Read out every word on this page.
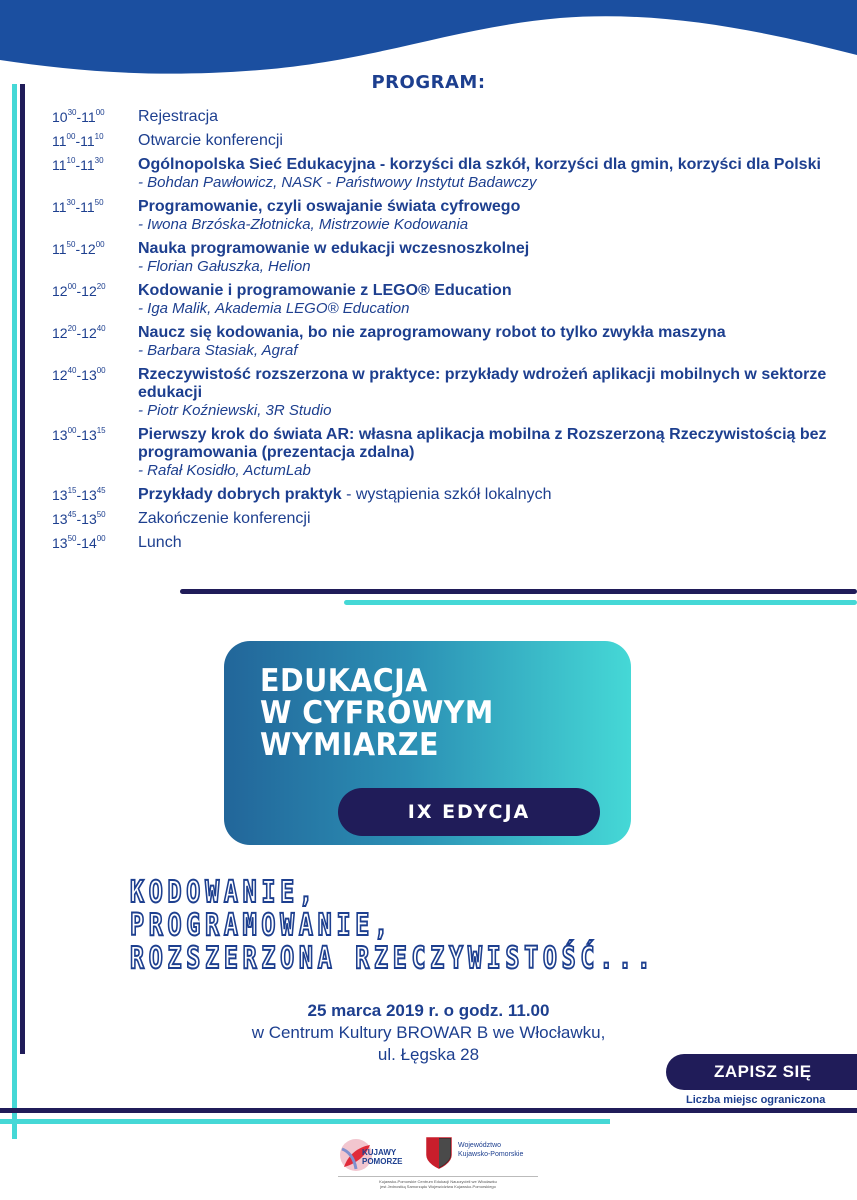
PROGRAM:
$10^{30}-11^{00}$	Rejestracja
$11^{00}-11^{10}$	Otwarcie konferencji
$11^{10}-11^{30}$	Ogólnopolska Sieć Edukacyjna - korzyści dla szkół, korzyści dla gmin, korzyści dla Polski
- Bohdan Pawłowicz, NASK - Państwowy Instytut Badawczy
$11^{30}-11^{50}$	Programowanie, czyli oswajanie świata cyfrowego
- Iwona Brzóska-Złotnicka, Mistrzowie Kodowania
$11^{50}-12^{00}$	Nauka programowanie w edukacji wczesnoszkolnej
- Florian Gałuszka, Helion
$12^{00}-12^{20}$	Kodowanie i programowanie z LEGO® Education
- Iga Malik, Akademia LEGO® Education
$12^{20}-12^{40}$	Naucz się kodowania, bo nie zaprogramowany robot to tylko zwykła maszyna
- Barbara Stasiak, Agraf
$12^{40}-13^{00}$	Rzeczywistość rozszerzona w praktyce: przykłady wdrożeń aplikacji mobilnych w sektorze edukacji
- Piotr Koźniewski, 3R Studio
$13^{00}-13^{15}$	Pierwszy krok do świata AR: własna aplikacja mobilna z Rozszerzoną Rzeczywistością bez programowania (prezentacja zdalna)
- Rafał Kosidło, ActumLab
$13^{15}-13^{45}$	Przykłady dobrych praktyk - wystąpienia szkół lokalnych
$13^{45}-13^{50}$	Zakończenie konferencji
$13^{50}-14^{00}$	Lunch
EDUKACJA
W CYFROWYM
WYMIARZE
IX EDYCJA
KODOWANIE,
PROGRAMOWANIE,
ROZSZERZONA RZECZYWISTOŚĆ...
25 marca 2019 r. o godz. 11.00
w Centrum Kultury BROWAR B we Włocławku,
ul. Łęgska 28
ZAPISZ SIĘ
Liczba miejsc ograniczona
KUJAWY
POMORZE
Województwo
Kujawsko-Pomorskie
Kujawsko-Pomorskie Centrum Edukacji Nauczycieli we Włocławku
jest Jednostką Samorządu Województwa Kujawsko-Pomorskiego
